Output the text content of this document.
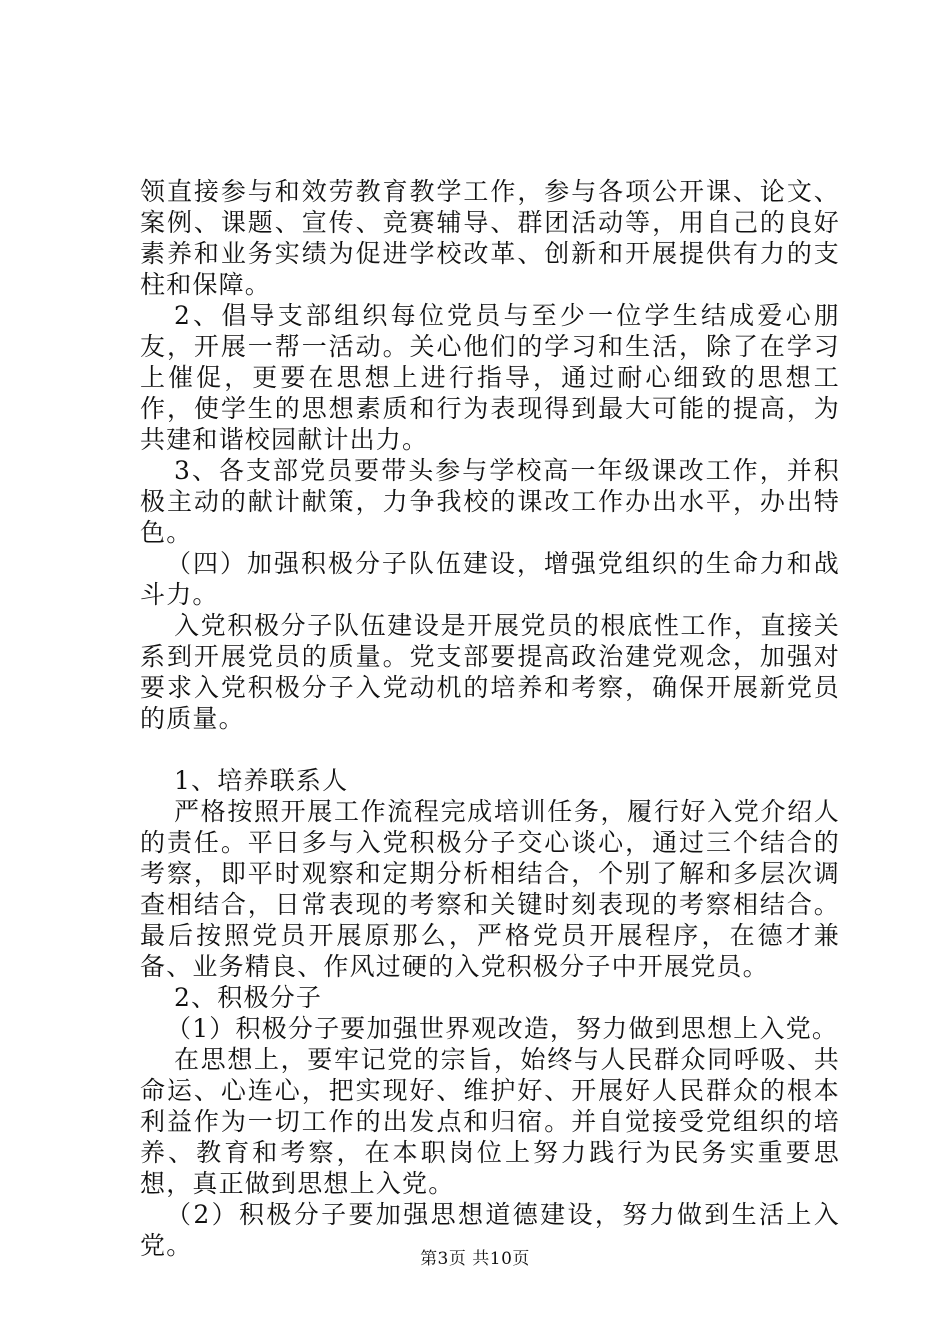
领直接参与和效劳教育教学工作，参与各项公开课、论文、案例、课题、宣传、竞赛辅导、群团活动等，用自己的良好素养和业务实绩为促进学校改革、创新和开展提供有力的支柱和保障。

2、倡导支部组织每位党员与至少一位学生结成爱心朋友，开展一帮一活动。关心他们的学习和生活，除了在学习上催促，更要在思想上进行指导，通过耐心细致的思想工作，使学生的思想素质和行为表现得到最大可能的提高，为共建和谐校园献计出力。

3、各支部党员要带头参与学校高一年级课改工作，并积极主动的献计献策，力争我校的课改工作办出水平，办出特色。

（四）加强积极分子队伍建设，增强党组织的生命力和战斗力。

入党积极分子队伍建设是开展党员的根底性工作，直接关系到开展党员的质量。党支部要提高政治建党观念，加强对要求入党积极分子入党动机的培养和考察，确保开展新党员的质量。

1、培养联系人

严格按照开展工作流程完成培训任务，履行好入党介绍人的责任。平日多与入党积极分子交心谈心，通过三个结合的考察，即平时观察和定期分析相结合，个别了解和多层次调查相结合，日常表现的考察和关键时刻表现的考察相结合。最后按照党员开展原那么，严格党员开展程序，在德才兼备、业务精良、作风过硬的入党积极分子中开展党员。

2、积极分子

（1）积极分子要加强世界观改造，努力做到思想上入党。

在思想上，要牢记党的宗旨，始终与人民群众同呼吸、共命运、心连心，把实现好、维护好、开展好人民群众的根本利益作为一切工作的出发点和归宿。并自觉接受党组织的培养、教育和考察，在本职岗位上努力践行为民务实重要思想，真正做到思想上入党。

（2）积极分子要加强思想道德建设，努力做到生活上入党。	第3页 共10页
